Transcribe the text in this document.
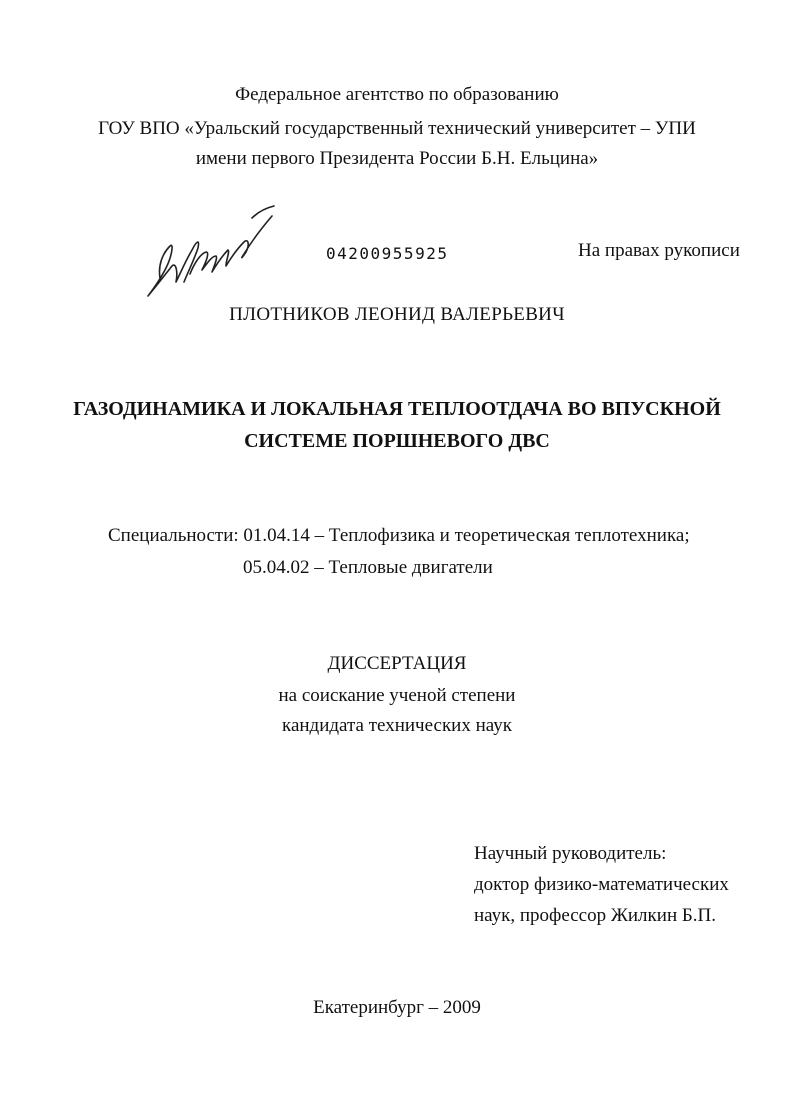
Федеральное агентство по образованию
ГОУ ВПО «Уральский государственный технический университет – УПИ
имени первого Президента России Б.Н. Ельцина»
04200955925	На правах рукописи
ПЛОТНИКОВ ЛЕОНИД ВАЛЕРЬЕВИЧ
ГАЗОДИНАМИКА И ЛОКАЛЬНАЯ ТЕПЛООТДАЧА ВО ВПУСКНОЙ
СИСТЕМЕ ПОРШНЕВОГО ДВС
Специальности: 01.04.14 – Теплофизика и теоретическая теплотехника;
05.04.02 – Тепловые двигатели
ДИССЕРТАЦИЯ
на соискание ученой степени
кандидата технических наук
Научный руководитель:
доктор физико-математических
наук, профессор Жилкин Б.П.
Екатеринбург – 2009
